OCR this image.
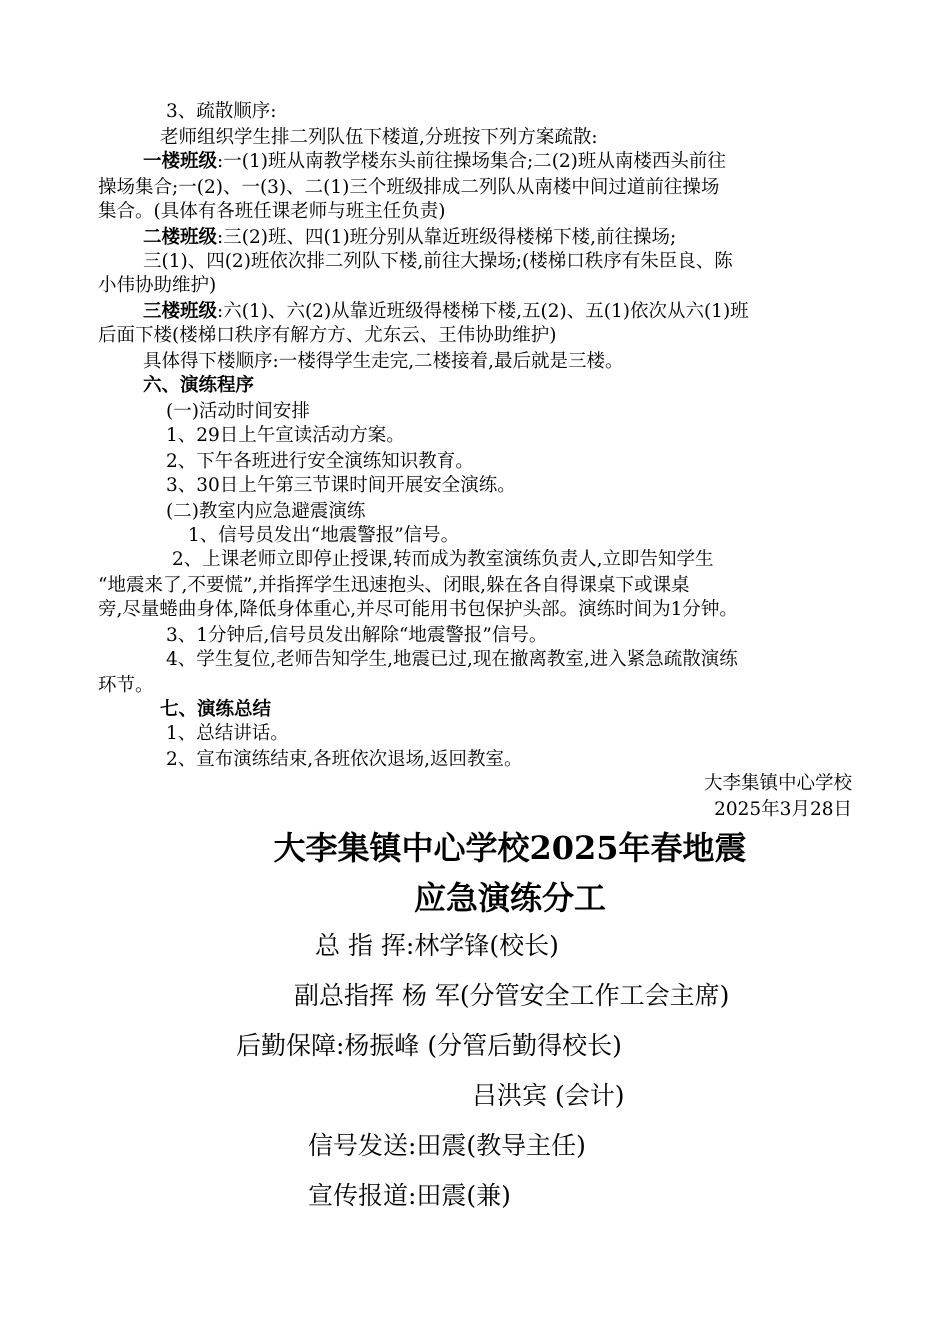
3、疏散顺序:
老师组织学生排二列队伍下楼道,分班按下列方案疏散:
一楼班级:一(1)班从南教学楼东头前往操场集合;二(2)班从南楼西头前往
操场集合;一(2)、一(3)、二(1)三个班级排成二列队从南楼中间过道前往操场
集合。(具体有各班任课老师与班主任负责)
二楼班级:三(2)班、四(1)班分别从靠近班级得楼梯下楼,前往操场;
三(1)、四(2)班依次排二列队下楼,前往大操场;(楼梯口秩序有朱臣良、陈
小伟协助维护)
三楼班级:六(1)、六(2)从靠近班级得楼梯下楼,五(2)、五(1)依次从六(1)班
后面下楼(楼梯口秩序有解方方、尤东云、王伟协助维护)
具体得下楼顺序:一楼得学生走完,二楼接着,最后就是三楼。
六、演练程序
(一)活动时间安排
1、29日上午宣读活动方案。
2、下午各班进行安全演练知识教育。
3、30日上午第三节课时间开展安全演练。
(二)教室内应急避震演练
1、信号员发出“地震警报”信号。
2、上课老师立即停止授课,转而成为教室演练负责人,立即告知学生
“地震来了,不要慌”,并指挥学生迅速抱头、闭眼,躲在各自得课桌下或课桌
旁,尽量蜷曲身体,降低身体重心,并尽可能用书包保护头部。演练时间为1分钟。
3、1分钟后,信号员发出解除“地震警报”信号。
4、学生复位,老师告知学生,地震已过,现在撤离教室,进入紧急疏散演练
环节。
七、演练总结
1、总结讲话。
2、宣布演练结束,各班依次退场,返回教室。
大李集镇中心学校
2025年3月28日
大李集镇中心学校2025年春地震
应急演练分工
总 指 挥:林学锋(校长)
副总指挥 杨 军(分管安全工作工会主席)
后勤保障:杨振峰 (分管后勤得校长)
吕洪宾 (会计)
信号发送:田震(教导主任)
宣传报道:田震(兼)
